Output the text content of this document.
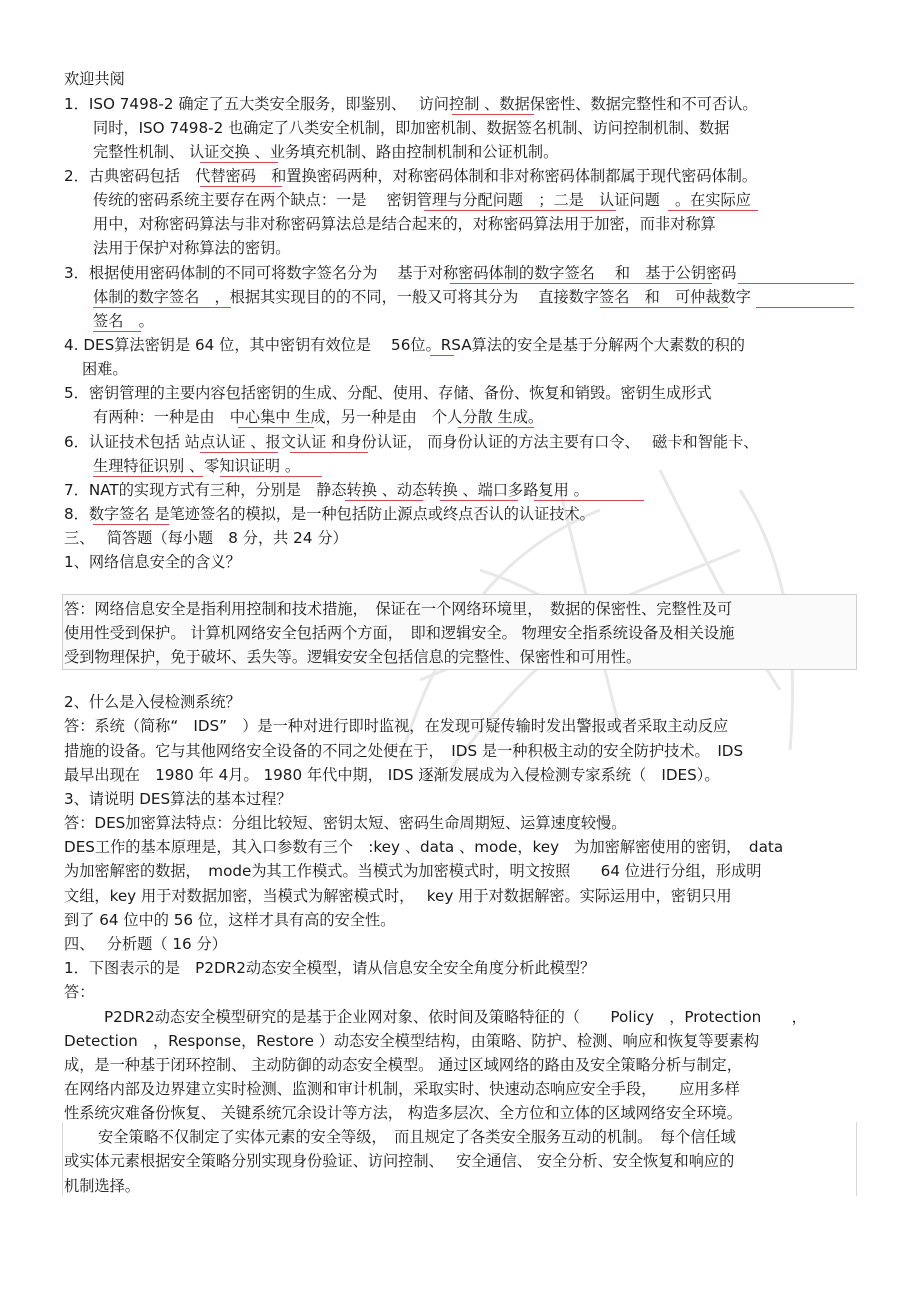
欢迎共阅
1．ISO 7498-2 确定了五大类安全服务，即鉴别、　 访问控制 、数据保密性、数据完整性和不可否认。
同时，ISO 7498-2 也确定了八类安全机制，即加密机制、数据签名机制、访问控制机制、数据
完整性机制、 认证交换 、业务填充机制、路由控制机制和公证机制。
2．古典密码包括　代替密码　和置换密码两种，对称密码体制和非对称密码体制都属于现代密码体制。
传统的密码系统主要存在两个缺点：一是　 密钥管理与分配问题　；二是　认证问题　。在实际应
用中，对称密码算法与非对称密码算法总是结合起来的，对称密码算法用于加密，而非对称算
法用于保护对称算法的密钥。
3．根据使用密码体制的不同可将数字签名分为　 基于对称密码体制的数字签名　 和　基于公钥密码
体制的数字签名　，根据其实现目的的不同，一般又可将其分为　 直接数字签名　和　可仲裁数字
签名　。
4. DES算法密钥是 64 位，其中密钥有效位是 　56位。RSA算法的安全是基于分解两个大素数的积的
困难。
5．密钥管理的主要内容包括密钥的生成、分配、使用、存储、备份、恢复和销毁。密钥生成形式
有两种：一种是由　中心集中 生成，另一种是由　个人分散 生成。
6．认证技术包括 站点认证 、报文认证 和身份认证， 而身份认证的方法主要有口令、　 磁卡和智能卡、
生理特征识别 、零知识证明 。
7．NAT的实现方式有三种，分别是　静态转换 、动态转换 、端口多路复用 。
8．数字签名 是笔迹签名的模拟，是一种包括防止源点或终点否认的认证技术。
三、　 简答题（每小题　8 分，共 24 分）
1、网络信息安全的含义？
答：网络信息安全是指利用控制和技术措施，　保证在一个网络环境里，　数据的保密性、完整性及可
使用性受到保护。 计算机网络安全包括两个方面，　即和逻辑安全。 物理安全指系统设备及相关设施
受到物理保护，免于破坏、丢失等。逻辑安安全包括信息的完整性、保密性和可用性。
2、什么是入侵检测系统？
答：系统（简称“　IDS”　）是一种对进行即时监视，在发现可疑传输时发出警报或者采取主动反应
措施的设备。它与其他网络安全设备的不同之处便在于，　IDS 是一种积极主动的安全防护技术。　IDS
最早出现在　1980 年 4月。 1980 年代中期， IDS 逐渐发展成为入侵检测专家系统（　IDES）。
3、请说明 DES算法的基本过程？
答：DES加密算法特点：分组比较短、密钥太短、密码生命周期短、运算速度较慢。
DES工作的基本原理是，其入口参数有三个　:key 、data 、mode，key　为加密解密使用的密钥，　data
为加密解密的数据，　mode为其工作模式。当模式为加密模式时，明文按照　　64 位进行分组，形成明
文组，key 用于对数据加密，当模式为解密模式时，　 key 用于对数据解密。实际运用中，密钥只用
到了 64 位中的 56 位，这样才具有高的安全性。
四、　 分析题（ 16 分）
1．下图表示的是　P2DR2动态安全模型，请从信息安全安全角度分析此模型？
答：
P2DR2动态安全模型研究的是基于企业网对象、依时间及策略特征的（　　Policy　，Protection　　，
Detection　，Response，Restore ）动态安全模型结构，由策略、防护、检测、响应和恢复等要素构
成，是一种基于闭环控制、 主动防御的动态安全模型。 通过区域网络的路由及安全策略分析与制定，
在网络内部及边界建立实时检测、监测和审计机制，采取实时、快速动态响应安全手段，　　应用多样
性系统灾难备份恢复、 关键系统冗余设计等方法， 构造多层次、全方位和立体的区域网络安全环境。
安全策略不仅制定了实体元素的安全等级，　而且规定了各类安全服务互动的机制。　每个信任域
或实体元素根据安全策略分别实现身份验证、访问控制、　 安全通信、 安全分析、安全恢复和响应的
机制选择。
